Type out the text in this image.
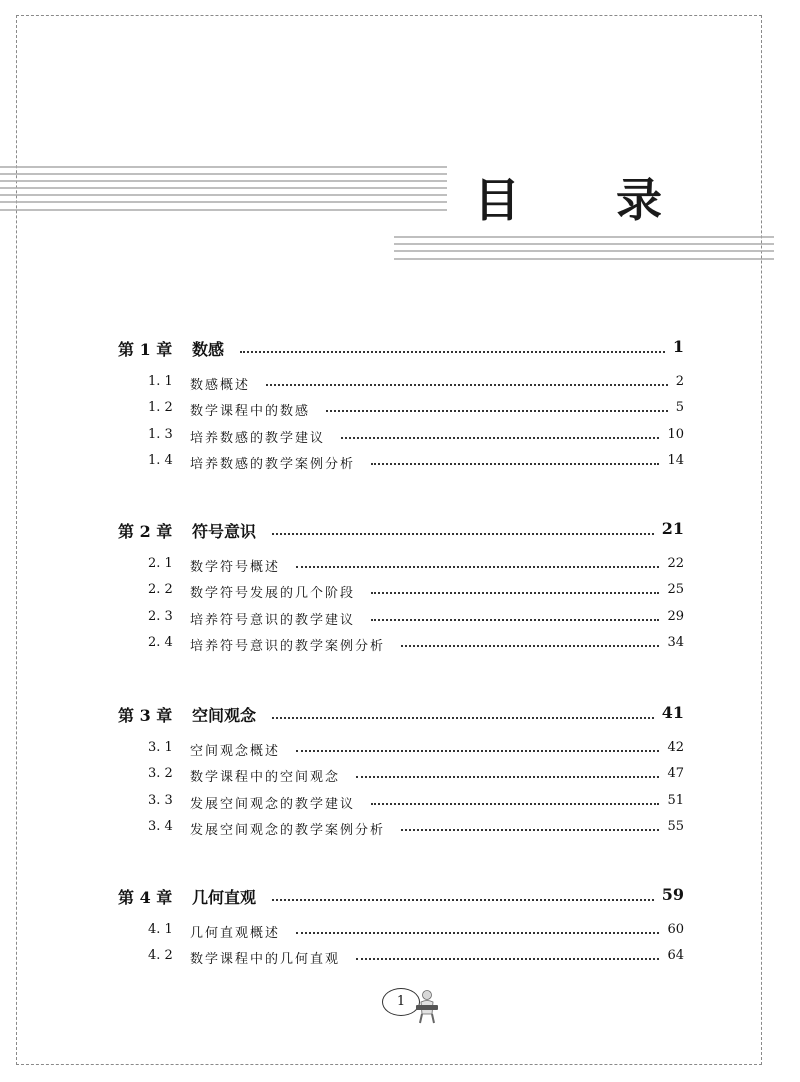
目 录
第 1 章 数感	1
1. 1 数感概述	2
1. 2 数学课程中的数感	5
1. 3 培养数感的教学建议	10
1. 4 培养数感的教学案例分析	14
第 2 章 符号意识	21
2. 1 数学符号概述	22
2. 2 数学符号发展的几个阶段	25
2. 3 培养符号意识的教学建议	29
2. 4 培养符号意识的教学案例分析	34
第 3 章 空间观念	41
3. 1 空间观念概述	42
3. 2 数学课程中的空间观念	47
3. 3 发展空间观念的教学建议	51
3. 4 发展空间观念的教学案例分析	55
第 4 章 几何直观	59
4. 1 几何直观概述	60
4. 2 数学课程中的几何直观	64
1
